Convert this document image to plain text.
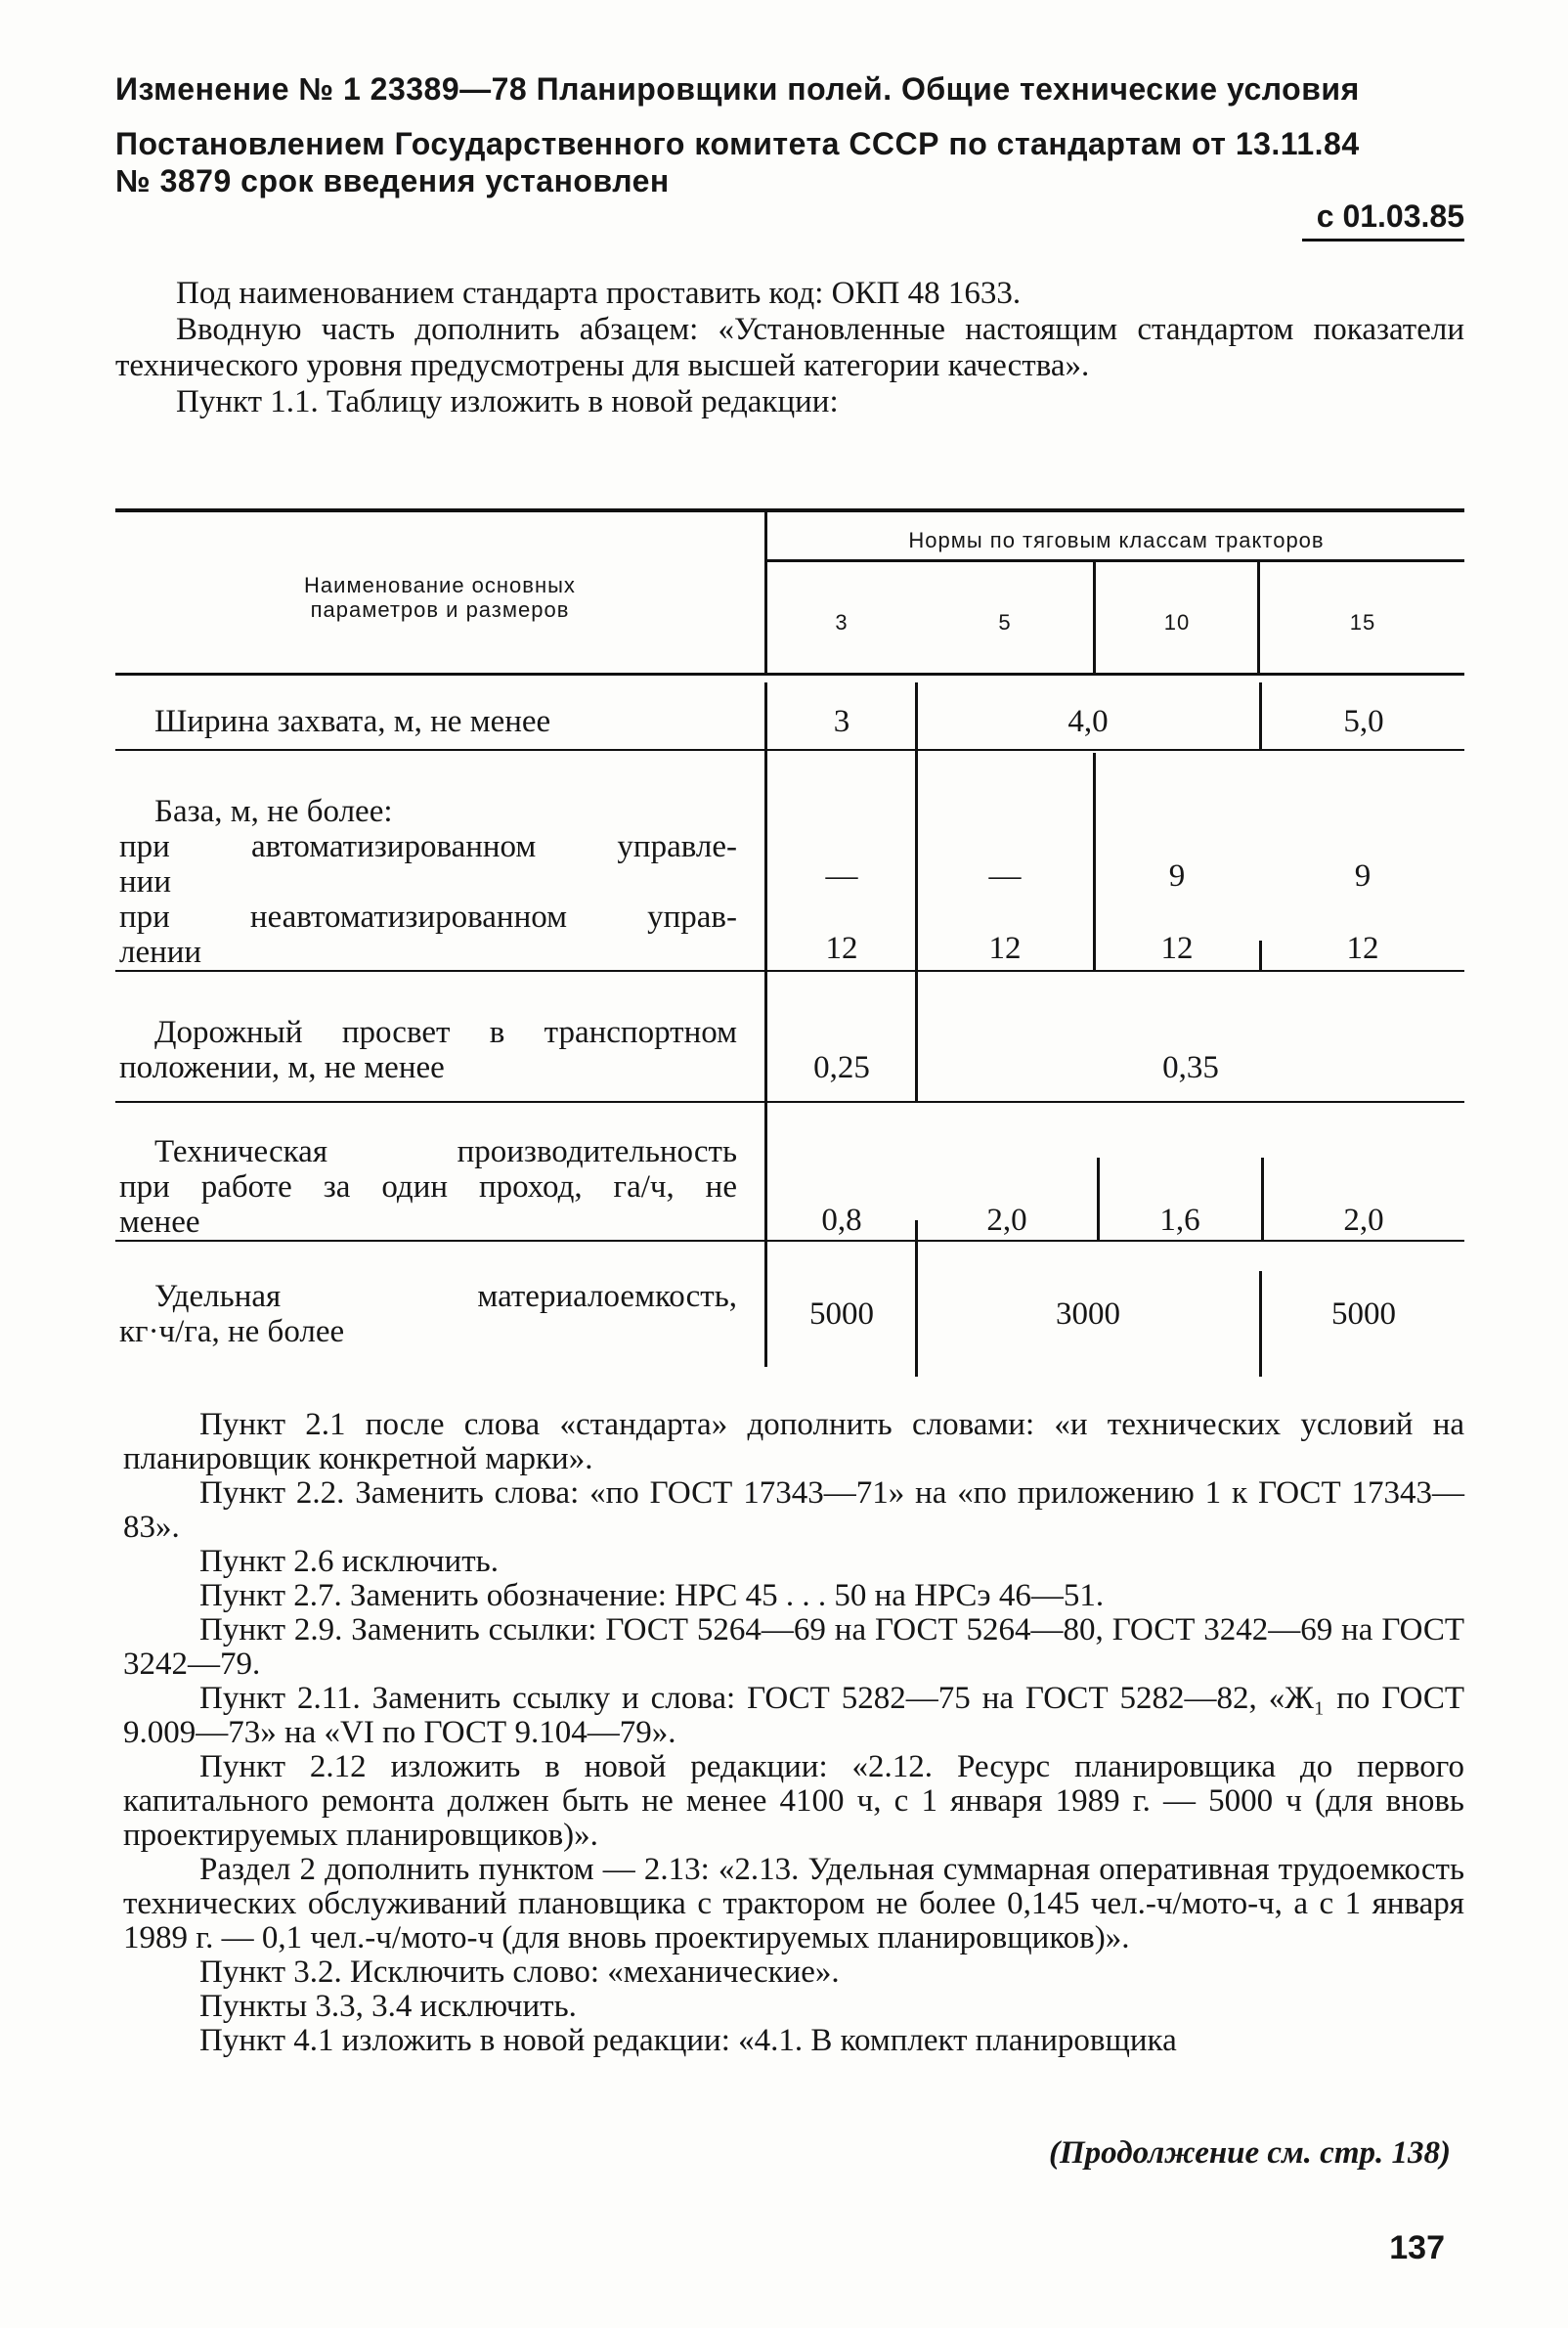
Изменение № 1 23389—78 Планировщики полей. Общие технические условия
Постановлением Государственного комитета СССР по стандартам от 13.11.84
№ 3879 срок введения установлен
с 01.03.85

Под наименованием стандарта проставить код: ОКП 48 1633.

Вводную часть дополнить абзацем: «Установленные настоящим стандартом показатели технического уровня предусмотрены для высшей категории качества».

Пункт 1.1. Таблицу изложить в новой редакции:

Наименование основных
параметров и размеров
Нормы по тяговым классам тракторов
3	5	10	15
Ширина захвата, м, не менее	3	4,0	5,0
База, м, не более:
при автоматизированном управле-
нии
при неавтоматизированном управ-
лении
—	—	9	9
12	12	12	12
Дорожный просвет в транспортном
положении, м, не менее	0,25	0,35
Техническая производительность
при работе за один проход, га/ч, не
менее	0,8	2,0	1,6	2,0
Удельная материалоемкость,
кг·ч/га, не более	5000	3000	5000

Пункт 2.1 после слова «стандарта» дополнить словами: «и технических условий на планировщик конкретной марки».

Пункт 2.2. Заменить слова: «по ГОСТ 17343—71» на «по приложению 1 к ГОСТ 17343—83».

Пункт 2.6 исключить.

Пункт 2.7. Заменить обозначение: HPC 45 . . . 50 на HPCэ 46—51.

Пункт 2.9. Заменить ссылки: ГОСТ 5264—69 на ГОСТ 5264—80, ГОСТ 3242—69 на ГОСТ 3242—79.

Пункт 2.11. Заменить ссылку и слова: ГОСТ 5282—75 на ГОСТ 5282—82, «Ж₁ по ГОСТ 9.009—73» на «VI по ГОСТ 9.104—79».

Пункт 2.12 изложить в новой редакции: «2.12. Ресурс планировщика до первого капитального ремонта должен быть не менее 4100 ч, с 1 января 1989 г. — 5000 ч (для вновь проектируемых планировщиков)».

Раздел 2 дополнить пунктом — 2.13: «2.13. Удельная суммарная оперативная трудоемкость технических обслуживаний плановщика с трактором не более 0,145 чел.-ч/мото-ч, а с 1 января 1989 г. — 0,1 чел.-ч/мото-ч (для вновь проектируемых планировщиков)».

Пункт 3.2. Исключить слово: «механические».

Пункты 3.3, 3.4 исключить.

Пункт 4.1 изложить в новой редакции: «4.1. В комплект планировщика

(Продолжение см. стр. 138)
137
